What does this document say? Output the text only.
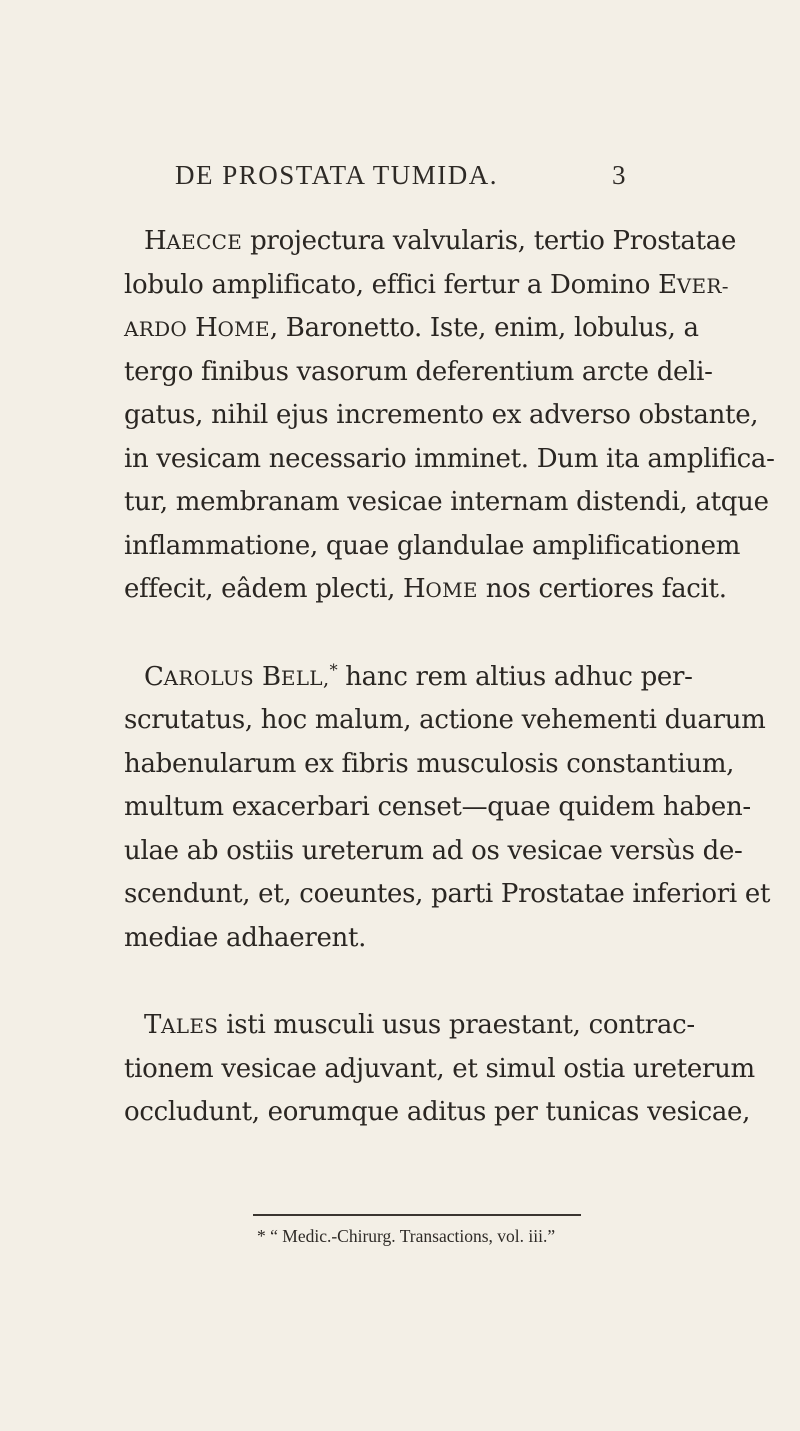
DE PROSTATA TUMIDA.	3
HAECCE projectura valvularis, tertio Prostatae
lobulo amplificato, effici fertur a Domino EVER-
ARDO HOME, Baronetto. Iste, enim, lobulus, a
tergo finibus vasorum deferentium arcte deli-
gatus, nihil ejus incremento ex adverso obstante,
in vesicam necessario imminet. Dum ita amplifica-
tur, membranam vesicae internam distendi, atque
inflammatione, quae glandulae amplificationem
effecit, eâdem plecti, HOME nos certiores facit.
CAROLUS BELL,* hanc rem altius adhuc per-
scrutatus, hoc malum, actione vehementi duarum
habenularum ex fibris musculosis constantium,
multum exacerbari censet—quae quidem haben-
ulae ab ostiis ureterum ad os vesicae versùs de-
scendunt, et, coeuntes, parti Prostatae inferiori et
mediae adhaerent.
TALES isti musculi usus praestant, contrac-
tionem vesicae adjuvant, et simul ostia ureterum
occludunt, eorumque aditus per tunicas vesicae,
* “ Medic.-Chirurg. Transactions, vol. iii.”
